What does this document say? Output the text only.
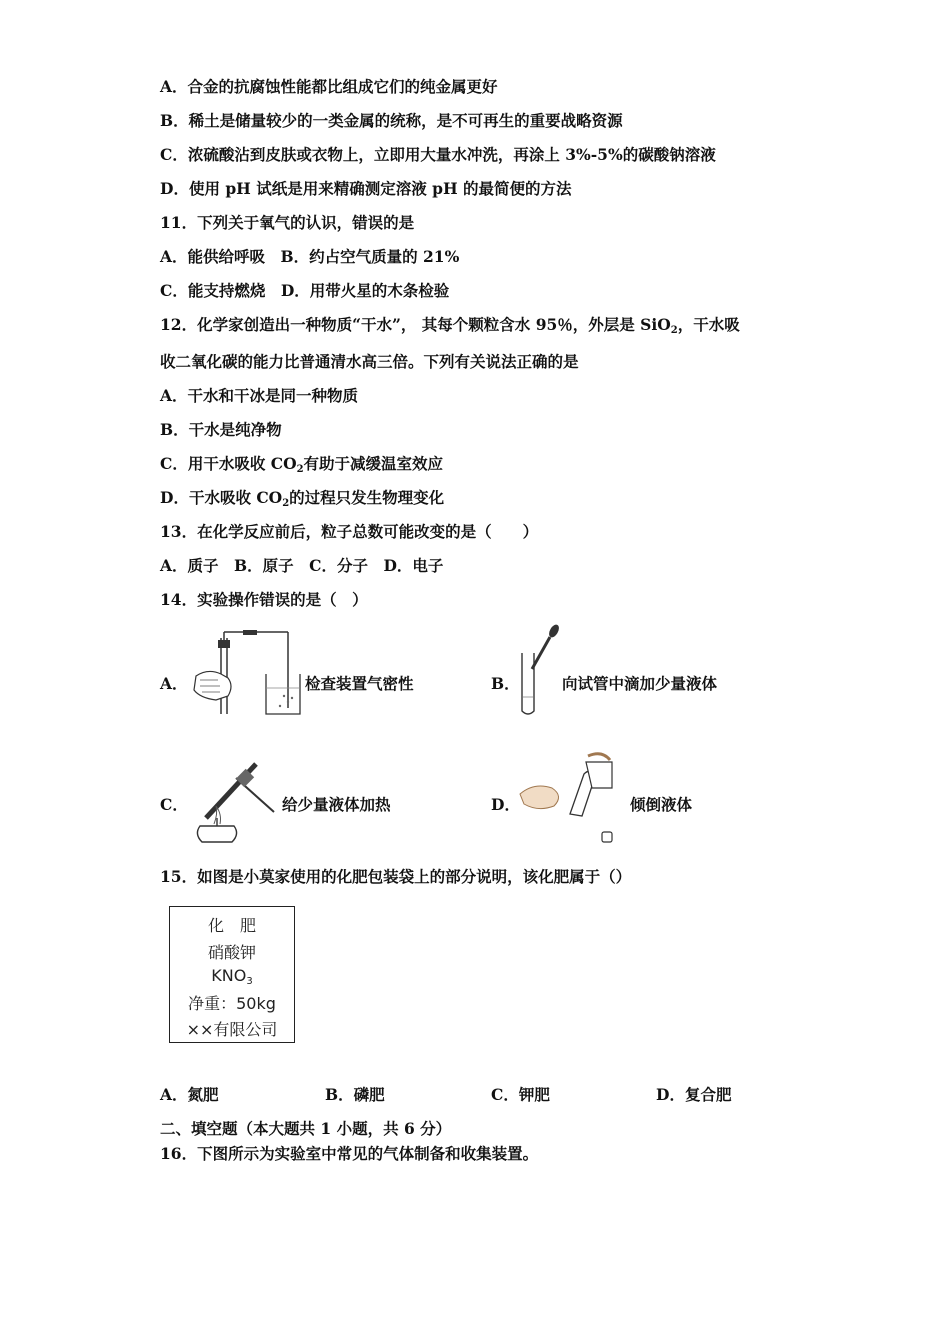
A．合金的抗腐蚀性能都比组成它们的纯金属更好
B．稀土是储量较少的一类金属的统称，是不可再生的重要战略资源
C．浓硫酸沾到皮肤或衣物上，立即用大量水冲洗，再涂上 3%-5%的碳酸钠溶液
D．使用 pH 试纸是用来精确测定溶液 pH 的最简便的方法
11．下列关于氧气的认识，错误的是
A．能供给呼吸　B．约占空气质量的 21%
C．能支持燃烧　D．用带火星的木条检验
12．化学家创造出一种物质“干水”， 其每个颗粒含水 95％，外层是 SiO$_2$，干水吸
收二氧化碳的能力比普通清水高三倍。下列有关说法正确的是
A．干水和干冰是同一种物质
B．干水是纯净物
C．用干水吸收 $CO_2$有助于减缓温室效应
D．干水吸收 $CO_2$的过程只发生物理变化
13．在化学反应前后，粒子总数可能改变的是（　　）
A．质子　B．原子　C．分子　D．电子
14．实验操作错误的是（　）
A．	检查装置气密性	B．	向试管中滴加少量液体
C．	给少量液体加热	D．	倾倒液体
15．如图是小莫家使用的化肥包装袋上的部分说明，该化肥属于（）
化　肥
硝酸钾
$KNO_3$
净重：50kg
××有限公司
A．氮肥	B．磷肥	C．钾肥	D．复合肥
二、填空题（本大题共 1 小题，共 6 分）
16．下图所示为实验室中常见的气体制备和收集装置。
